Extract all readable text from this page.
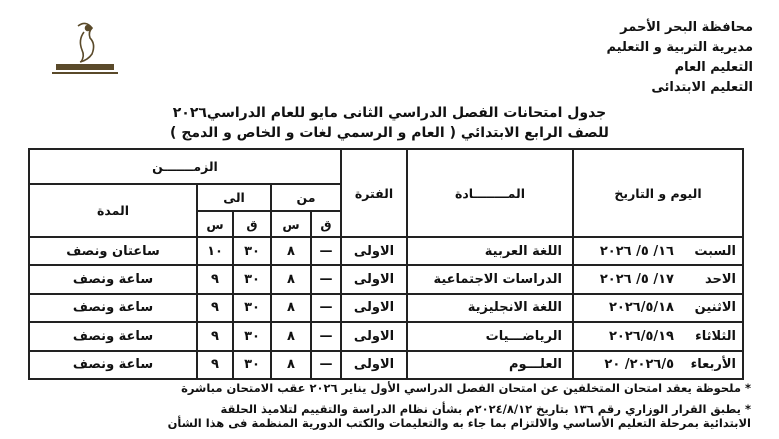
محافظة البحر الأحمر
مديرية التربية و التعليم
التعليم العام
التعليم الابتدائى
جدول امتحانات الفصل الدراسي الثانى مايو للعام الدراسي٢٠٢٦
للصف الرابع الابتدائي ( العام و الرسمي لغات و الخاص و الدمج )
اليوم و التاريخ	المــــــــادة	الفترة	الزمـــــــن				
			من		الى		المدة
			ق	س	ق	س	
السبت١٦/ ٥/ ٢٠٢٦	اللغة العربية	الاولى	—	٨	٣٠	١٠	ساعتان ونصف
الاحد١٧/ ٥/ ٢٠٢٦	الدراسات الاجتماعية	الاولى	—	٨	٣٠	٩	ساعة ونصف
الاثنين٢٠٢٦/٥/١٨	اللغة الانجليزية	الاولى	—	٨	٣٠	٩	ساعة ونصف
الثلاثاء٢٠٢٦/٥/١٩	الرياضـــيات	الاولى	—	٨	٣٠	٩	ساعة ونصف
الأربعاء٢٠٢٦/٥/ ٢٠	العلـــوم	الاولى	—	٨	٣٠	٩	ساعة ونصف
* ملحوظة يعقد امتحان المتخلفين عن امتحان الفصل الدراسي الأول يناير ٢٠٢٦ عقب الامتحان مباشرة
* يطبق القرار الوزاري رقم ١٣٦ بتاريخ ٢٠٢٤/٨/١٢م بشأن نظام الدراسة والتقييم لتلاميذ الحلقة
الابتدائية بمرحلة التعليم الأساسي والالتزام بما جاء به والتعليمات والكتب الدورية المنظمة فى هذا الشأن
